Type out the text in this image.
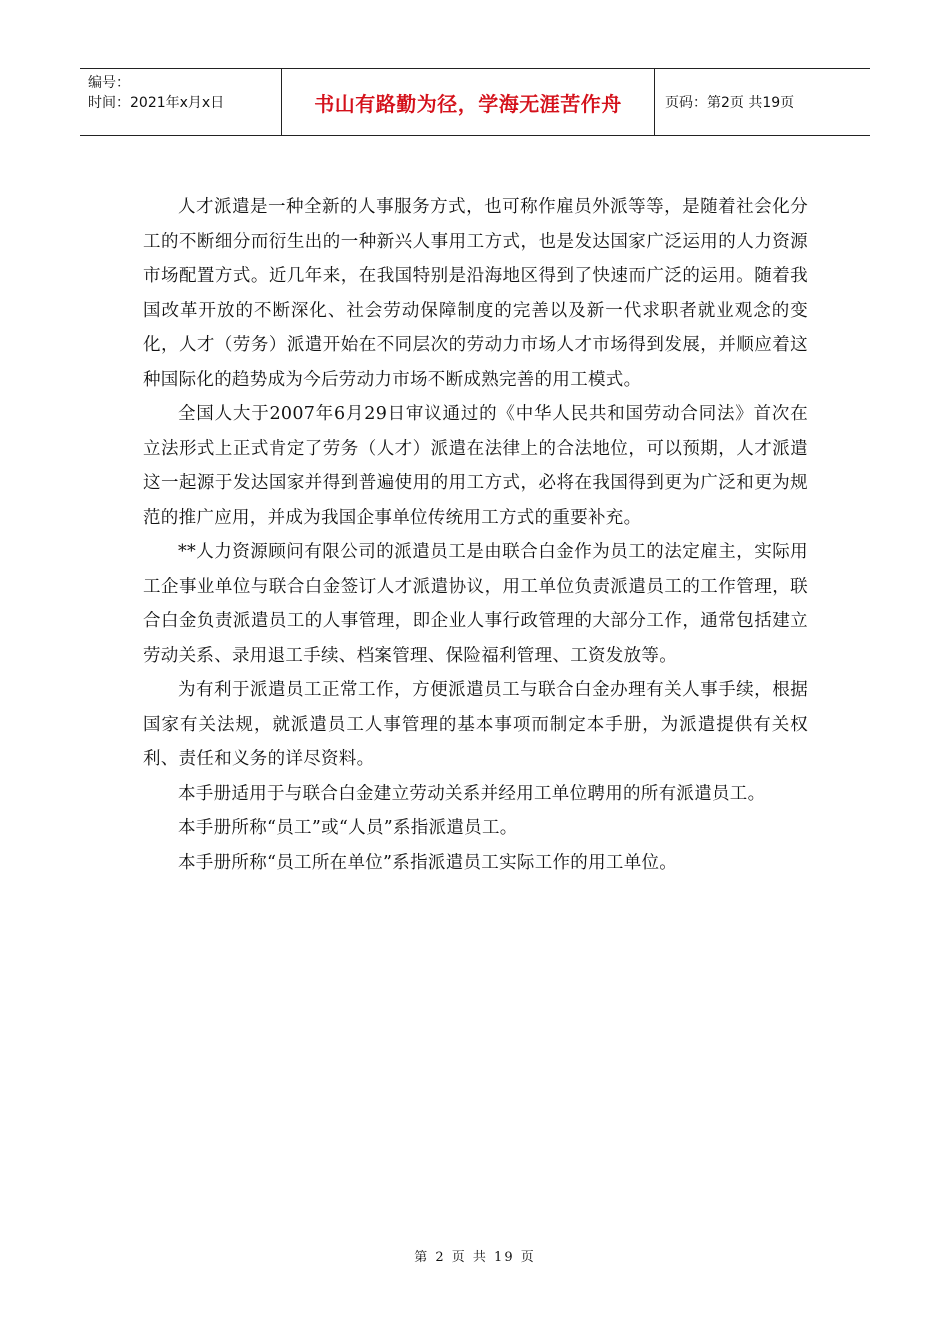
编号：
时间：2021年x月x日	书山有路勤为径，学海无涯苦作舟	页码：第2页 共19页

人才派遣是一种全新的人事服务方式，也可称作雇员外派等等，是随着社会化分工的不断细分而衍生出的一种新兴人事用工方式，也是发达国家广泛运用的人力资源市场配置方式。近几年来，在我国特别是沿海地区得到了快速而广泛的运用。随着我国改革开放的不断深化、社会劳动保障制度的完善以及新一代求职者就业观念的变化，人才（劳务）派遣开始在不同层次的劳动力市场人才市场得到发展，并顺应着这种国际化的趋势成为今后劳动力市场不断成熟完善的用工模式。

全国人大于2007年6月29日审议通过的《中华人民共和国劳动合同法》首次在立法形式上正式肯定了劳务（人才）派遣在法律上的合法地位，可以预期，人才派遣这一起源于发达国家并得到普遍使用的用工方式，必将在我国得到更为广泛和更为规范的推广应用，并成为我国企事单位传统用工方式的重要补充。

**人力资源顾问有限公司的派遣员工是由联合白金作为员工的法定雇主，实际用工企事业单位与联合白金签订人才派遣协议，用工单位负责派遣员工的工作管理，联合白金负责派遣员工的人事管理，即企业人事行政管理的大部分工作，通常包括建立劳动关系、录用退工手续、档案管理、保险福利管理、工资发放等。

为有利于派遣员工正常工作，方便派遣员工与联合白金办理有关人事手续，根据国家有关法规，就派遣员工人事管理的基本事项而制定本手册，为派遣提供有关权利、责任和义务的详尽资料。

本手册适用于与联合白金建立劳动关系并经用工单位聘用的所有派遣员工。

本手册所称“员工”或“人员”系指派遣员工。

本手册所称“员工所在单位”系指派遣员工实际工作的用工单位。

第 2 页 共 19 页
